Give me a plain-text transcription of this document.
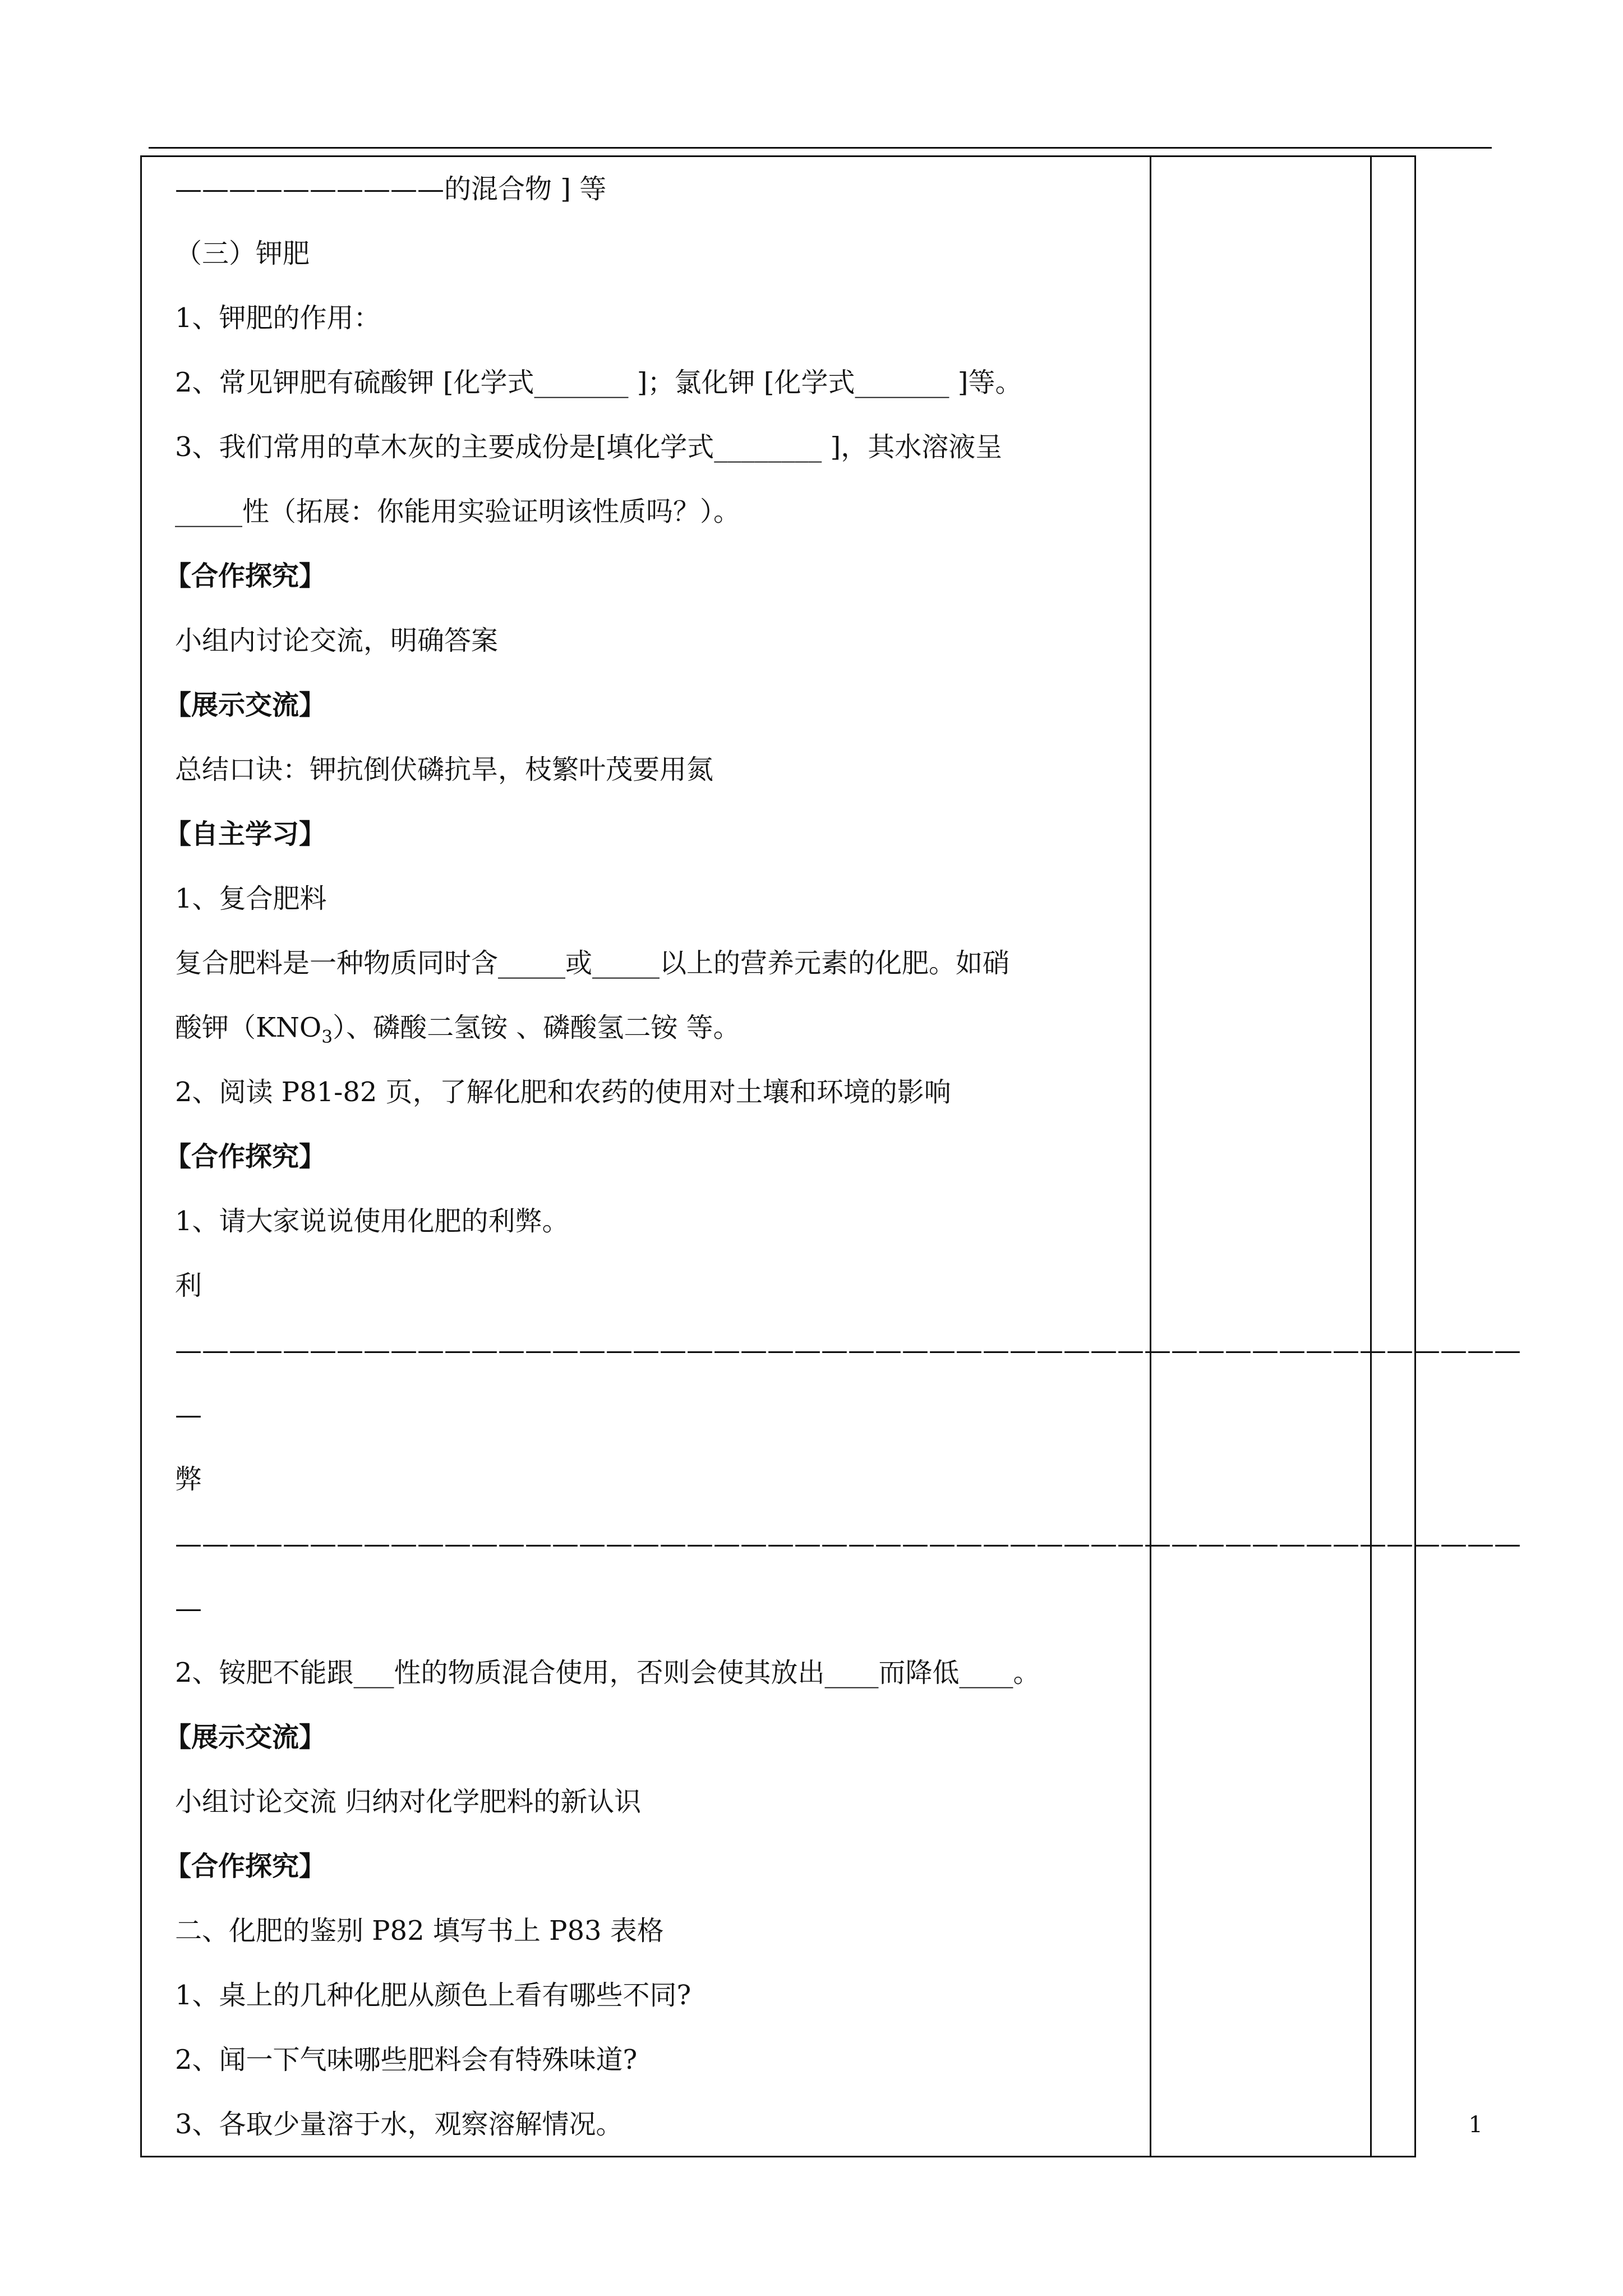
——————————的混合物 ] 等
（三）钾肥
1、钾肥的作用：
2、常见钾肥有硫酸钾 [化学式_______ ]；氯化钾 [化学式_______ ]等。
3、我们常用的草木灰的主要成份是[填化学式________ ]，其水溶液呈
_____性（拓展：你能用实验证明该性质吗？）。
【合作探究】
小组内讨论交流，明确答案
【展示交流】
总结口诀：钾抗倒伏磷抗旱，枝繁叶茂要用氮
【自主学习】
1、复合肥料
复合肥料是一种物质同时含_____或_____以上的营养元素的化肥。如硝
酸钾$(KNO_3)$、磷酸二氢铵 、磷酸氢二铵 等。
2、阅读 P81-82 页，了解化肥和农药的使用对土壤和环境的影响
【合作探究】
1、请大家说说使用化肥的利弊。
利
——————————————————————————————————————————————————
—
弊
——————————————————————————————————————————————————
—
2、铵肥不能跟___性的物质混合使用，否则会使其放出____而降低____。
【展示交流】
小组讨论交流 归纳对化学肥料的新认识
【合作探究】
二、化肥的鉴别 P82 填写书上 P83 表格
1、桌上的几种化肥从颜色上看有哪些不同?
2、闻一下气味哪些肥料会有特殊味道?
3、各取少量溶于水，观察溶解情况。	1
